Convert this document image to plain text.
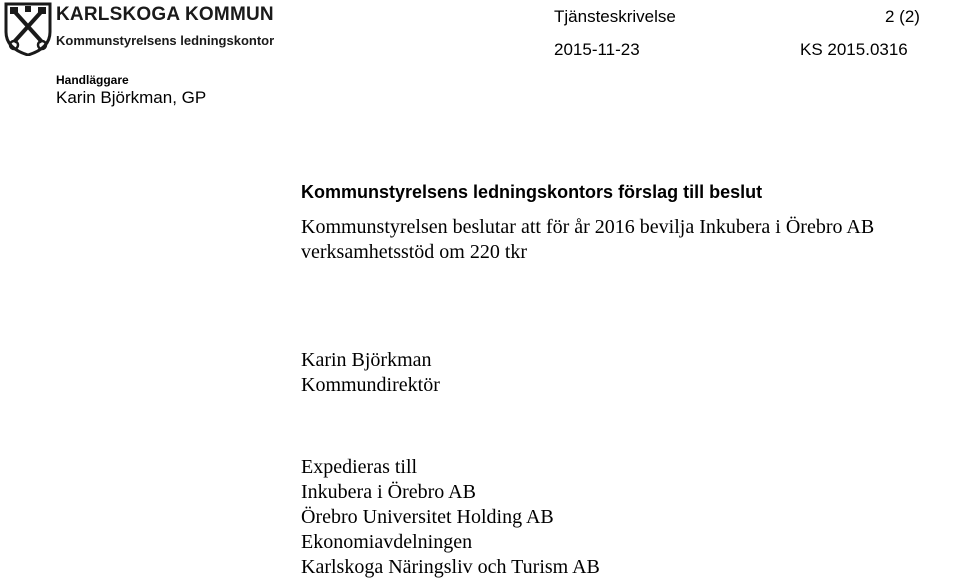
KARLSKOGA KOMMUN
Kommunstyrelsens ledningskontor
Tjänsteskrivelse	2 (2)
2015-11-23	KS 2015.0316
Handläggare
Karin Björkman, GP
Kommunstyrelsens ledningskontors förslag till beslut
Kommunstyrelsen beslutar att för år 2016 bevilja Inkubera i Örebro AB
verksamhetsstöd om 220 tkr
Karin Björkman
Kommundirektör
Expedieras till
Inkubera i Örebro AB
Örebro Universitet Holding AB
Ekonomiavdelningen
Karlskoga Näringsliv och Turism AB
